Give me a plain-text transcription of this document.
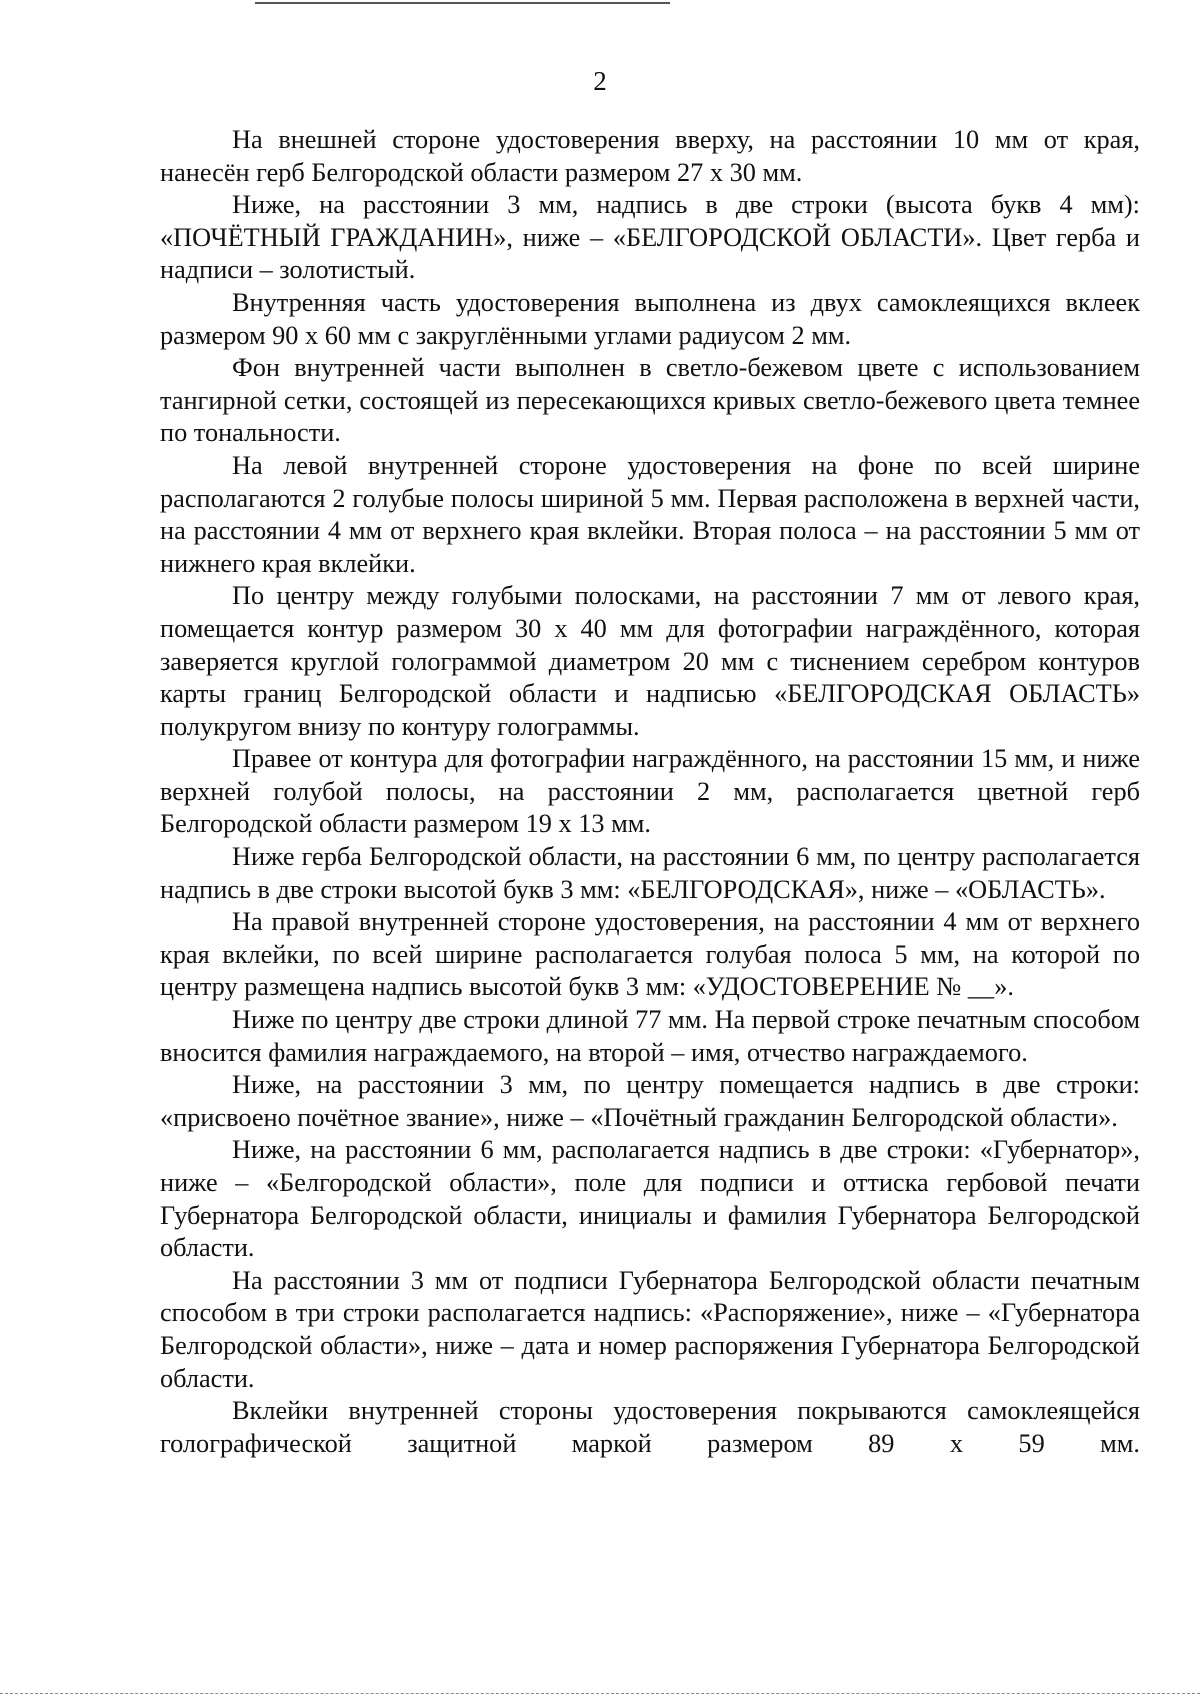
2

На внешней стороне удостоверения вверху, на расстоянии 10 мм от края, нанесён герб Белгородской области размером 27 х 30 мм.

Ниже, на расстоянии 3 мм, надпись в две строки (высота букв 4 мм): «ПОЧЁТНЫЙ ГРАЖДАНИН», ниже – «БЕЛГОРОДСКОЙ ОБЛАСТИ». Цвет герба и надписи – золотистый.

Внутренняя часть удостоверения выполнена из двух самоклеящихся вклеек размером 90 х 60 мм с закруглёнными углами радиусом 2 мм.

Фон внутренней части выполнен в светло-бежевом цвете с использованием тангирной сетки, состоящей из пересекающихся кривых светло-бежевого цвета темнее по тональности.

На левой внутренней стороне удостоверения на фоне по всей ширине располагаются 2 голубые полосы шириной 5 мм. Первая расположена в верхней части, на расстоянии 4 мм от верхнего края вклейки. Вторая полоса – на расстоянии 5 мм от нижнего края вклейки.

По центру между голубыми полосками, на расстоянии 7 мм от левого края, помещается контур размером 30 х 40 мм для фотографии награждённого, которая заверяется круглой голограммой диаметром 20 мм с тиснением серебром контуров карты границ Белгородской области и надписью «БЕЛГОРОДСКАЯ ОБЛАСТЬ» полукругом внизу по контуру голограммы.

Правее от контура для фотографии награждённого, на расстоянии 15 мм, и ниже верхней голубой полосы, на расстоянии 2 мм, располагается цветной герб Белгородской области размером 19 х 13 мм.

Ниже герба Белгородской области, на расстоянии 6 мм, по центру располагается надпись в две строки высотой букв 3 мм: «БЕЛГОРОДСКАЯ», ниже – «ОБЛАСТЬ».

На правой внутренней стороне удостоверения, на расстоянии 4 мм от верхнего края вклейки, по всей ширине располагается голубая полоса 5 мм, на которой по центру размещена надпись высотой букв 3 мм: «УДОСТОВЕРЕНИЕ № __».

Ниже по центру две строки длиной 77 мм. На первой строке печатным способом вносится фамилия награждаемого, на второй – имя, отчество награждаемого.

Ниже, на расстоянии 3 мм, по центру помещается надпись в две строки: «присвоено почётное звание», ниже – «Почётный гражданин Белгородской области».

Ниже, на расстоянии 6 мм, располагается надпись в две строки: «Губернатор», ниже – «Белгородской области», поле для подписи и оттиска гербовой печати Губернатора Белгородской области, инициалы и фамилия Губернатора Белгородской области.

На расстоянии 3 мм от подписи Губернатора Белгородской области печатным способом в три строки располагается надпись: «Распоряжение», ниже – «Губернатора Белгородской области», ниже – дата и номер распоряжения Губернатора Белгородской области.

Вклейки внутренней стороны удостоверения покрываются самоклеящейся голографической защитной маркой размером 89 х 59 мм.
